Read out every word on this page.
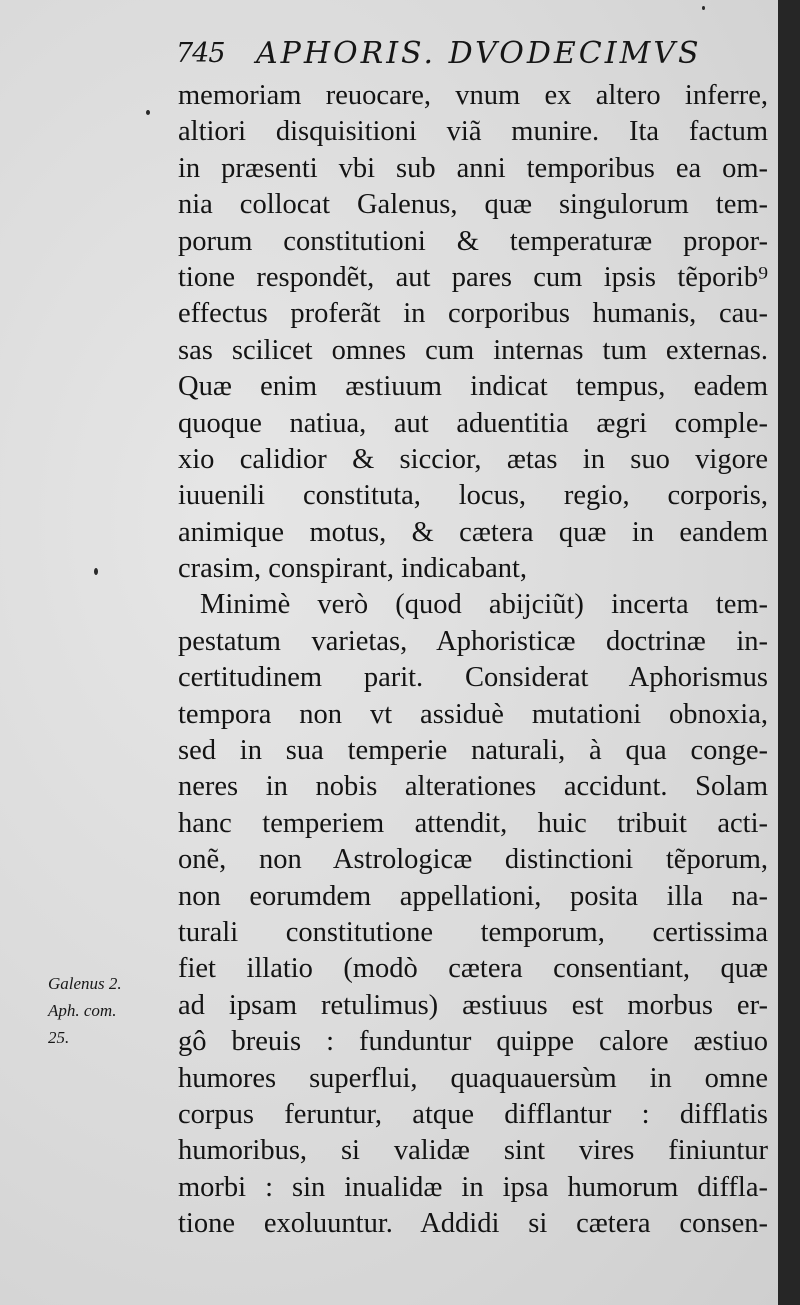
745 APHORIS. DVODECIMVS
memoriam reuocare, vnum ex altero inferre,
altiori disquisitioni viã munire. Ita factum
in præsenti vbi sub anni temporibus ea om-
nia collocat Galenus, quæ singulorum tem-
porum constitutioni & temperaturæ propor-
tione respondẽt, aut pares cum ipsis tẽporib⁹
effectus proferãt in corporibus humanis, cau-
sas scilicet omnes cum internas tum externas.
Quæ enim æstiuum indicat tempus, eadem
quoque natiua, aut aduentitia ægri comple-
xio calidior & siccior, ætas in suo vigore
iuuenili constituta, locus, regio, corporis,
animique motus, & cætera quæ in eandem
crasim, conspirant, indicabant,
Minimè verò (quod abijciũt) incerta tem-
pestatum varietas, Aphoristicæ doctrinæ in-
certitudinem parit. Considerat Aphorismus
tempora non vt assiduè mutationi obnoxia,
sed in sua temperie naturali, à qua conge-
neres in nobis alterationes accidunt. Solam
hanc temperiem attendit, huic tribuit acti-
onẽ, non Astrologicæ distinctioni tẽporum,
non eorumdem appellationi, posita illa na-
turali constitutione temporum, certissima
fiet illatio (modò cætera consentiant, quæ
ad ipsam retulimus) æstiuus est morbus er-
gô breuis : funduntur quippe calore æstiuo
humores superflui, quaquauersùm in omne
corpus feruntur, atque difflantur : difflatis
humoribus, si validæ sint vires finiuntur
morbi : sin inualidæ in ipsa humorum diffla-
tione exoluuntur. Addidi si cætera consen-
Galenus 2.
Aph. com.
25.
